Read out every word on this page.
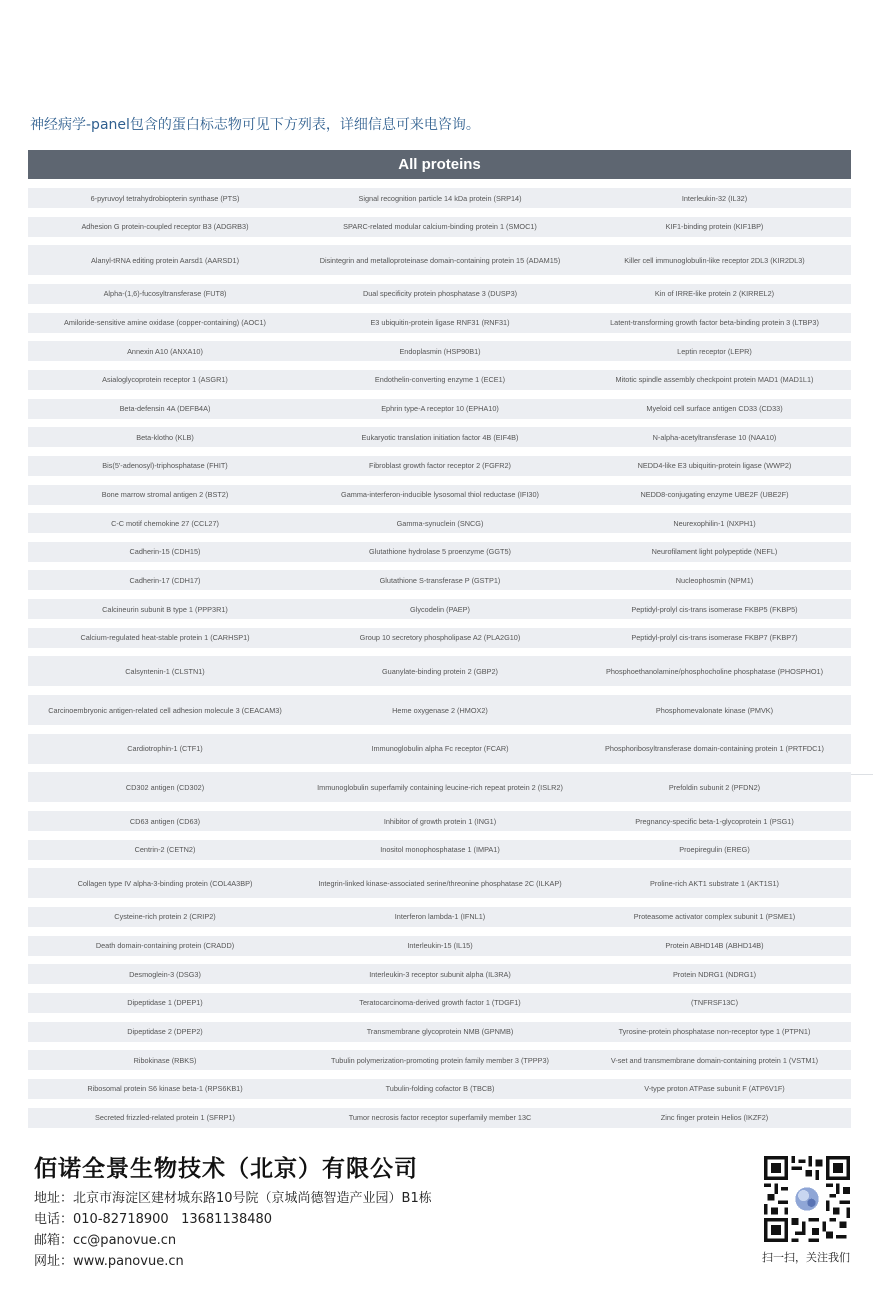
神经病学-panel包含的蛋白标志物可见下方列表，详细信息可来电咨询。
All proteins
6-pyruvoyl tetrahydrobiopterin synthase (PTS)	Signal recognition particle 14 kDa protein (SRP14)	Interleukin-32 (IL32)
Adhesion G protein-coupled receptor B3 (ADGRB3)	SPARC-related modular calcium-binding protein 1 (SMOC1)	KIF1-binding protein (KIF1BP)
Alanyl-tRNA editing protein Aarsd1 (AARSD1)	Disintegrin and metalloproteinase domain-containing protein 15 (ADAM15)	Killer cell immunoglobulin-like receptor 2DL3 (KIR2DL3)
Alpha-(1,6)-fucosyltransferase (FUT8)	Dual specificity protein phosphatase 3 (DUSP3)	Kin of IRRE-like protein 2 (KIRREL2)
Amiloride-sensitive amine oxidase (copper-containing) (AOC1)	E3 ubiquitin-protein ligase RNF31 (RNF31)	Latent-transforming growth factor beta-binding protein 3 (LTBP3)
Annexin A10 (ANXA10)	Endoplasmin (HSP90B1)	Leptin receptor (LEPR)
Asialoglycoprotein receptor 1 (ASGR1)	Endothelin-converting enzyme 1 (ECE1)	Mitotic spindle assembly checkpoint protein MAD1 (MAD1L1)
Beta-defensin 4A (DEFB4A)	Ephrin type-A receptor 10 (EPHA10)	Myeloid cell surface antigen CD33 (CD33)
Beta-klotho (KLB)	Eukaryotic translation initiation factor 4B (EIF4B)	N-alpha-acetyltransferase 10 (NAA10)
Bis(5'-adenosyl)-triphosphatase (FHIT)	Fibroblast growth factor receptor 2 (FGFR2)	NEDD4-like E3 ubiquitin-protein ligase (WWP2)
Bone marrow stromal antigen 2 (BST2)	Gamma-interferon-inducible lysosomal thiol reductase (IFI30)	NEDD8-conjugating enzyme UBE2F (UBE2F)
C-C motif chemokine 27 (CCL27)	Gamma-synuclein (SNCG)	Neurexophilin-1 (NXPH1)
Cadherin-15 (CDH15)	Glutathione hydrolase 5 proenzyme (GGT5)	Neurofilament light polypeptide (NEFL)
Cadherin-17 (CDH17)	Glutathione S-transferase P (GSTP1)	Nucleophosmin (NPM1)
Calcineurin subunit B type 1 (PPP3R1)	Glycodelin (PAEP)	Peptidyl-prolyl cis-trans isomerase FKBP5 (FKBP5)
Calcium-regulated heat-stable protein 1 (CARHSP1)	Group 10 secretory phospholipase A2 (PLA2G10)	Peptidyl-prolyl cis-trans isomerase FKBP7 (FKBP7)
Calsyntenin-1 (CLSTN1)	Guanylate-binding protein 2 (GBP2)	Phosphoethanolamine/phosphocholine phosphatase (PHOSPHO1)
Carcinoembryonic antigen-related cell adhesion molecule 3 (CEACAM3)	Heme oxygenase 2 (HMOX2)	Phosphomevalonate kinase (PMVK)
Cardiotrophin-1 (CTF1)	Immunoglobulin alpha Fc receptor (FCAR)	Phosphoribosyltransferase domain-containing protein 1 (PRTFDC1)
CD302 antigen (CD302)	Immunoglobulin superfamily containing leucine-rich repeat protein 2 (ISLR2)	Prefoldin subunit 2 (PFDN2)
CD63 antigen (CD63)	Inhibitor of growth protein 1 (ING1)	Pregnancy-specific beta-1-glycoprotein 1 (PSG1)
Centrin-2 (CETN2)	Inositol monophosphatase 1 (IMPA1)	Proepiregulin (EREG)
Collagen type IV alpha-3-binding protein (COL4A3BP)	Integrin-linked kinase-associated serine/threonine phosphatase 2C (ILKAP)	Proline-rich AKT1 substrate 1 (AKT1S1)
Cysteine-rich protein 2 (CRIP2)	Interferon lambda-1 (IFNL1)	Proteasome activator complex subunit 1 (PSME1)
Death domain-containing protein (CRADD)	Interleukin-15 (IL15)	Protein ABHD14B (ABHD14B)
Desmoglein-3 (DSG3)	Interleukin-3 receptor subunit alpha (IL3RA)	Protein NDRG1 (NDRG1)
Dipeptidase 1 (DPEP1)	Teratocarcinoma-derived growth factor 1 (TDGF1)	(TNFRSF13C)
Dipeptidase 2 (DPEP2)	Transmembrane glycoprotein NMB (GPNMB)	Tyrosine-protein phosphatase non-receptor type 1 (PTPN1)
Ribokinase (RBKS)	Tubulin polymerization-promoting protein family member 3 (TPPP3)	V-set and transmembrane domain-containing protein 1 (VSTM1)
Ribosomal protein S6 kinase beta-1 (RPS6KB1)	Tubulin-folding cofactor B (TBCB)	V-type proton ATPase subunit F (ATP6V1F)
Secreted frizzled-related protein 1 (SFRP1)	Tumor necrosis factor receptor superfamily member 13C	Zinc finger protein Helios (IKZF2)
佰诺全景生物技术（北京）有限公司
地址：北京市海淀区建材城东路10号院（京城尚德智造产业园）B1栋
电话：010-82718900   13681138480
邮箱：cc@panovue.cn
网址：www.panovue.cn	扫一扫，关注我们
